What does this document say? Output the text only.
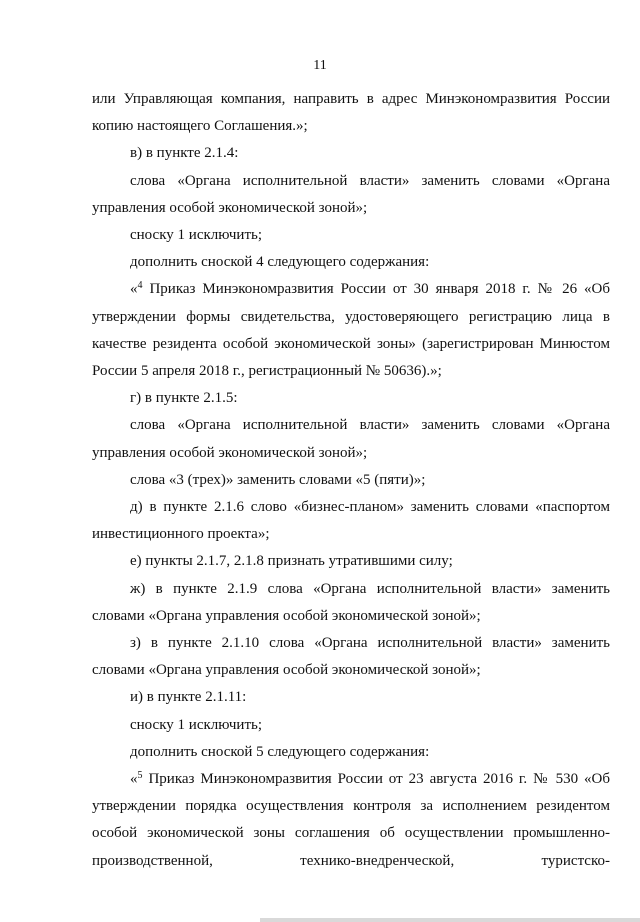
11

или Управляющая компания, направить в адрес Минэкономразвития России копию настоящего Соглашения.»;

в) в пункте 2.1.4:

слова «Органа исполнительной власти» заменить словами «Органа управления особой экономической зоной»;

сноску 1 исключить;

дополнить сноской 4 следующего содержания:

«$^4$ Приказ Минэкономразвития России от 30 января 2018 г. № 26 «Об утверждении формы свидетельства, удостоверяющего регистрацию лица в качестве резидента особой экономической зоны» (зарегистрирован Минюстом России 5 апреля 2018 г., регистрационный № 50636).»;

г) в пункте 2.1.5:

слова «Органа исполнительной власти» заменить словами «Органа управления особой экономической зоной»;

слова «3 (трех)» заменить словами «5 (пяти)»;

д) в пункте 2.1.6 слово «бизнес-планом» заменить словами «паспортом инвестиционного проекта»;

е) пункты 2.1.7, 2.1.8 признать утратившими силу;

ж) в пункте 2.1.9 слова «Органа исполнительной власти» заменить словами «Органа управления особой экономической зоной»;

з) в пункте 2.1.10 слова «Органа исполнительной власти» заменить словами «Органа управления особой экономической зоной»;

и) в пункте 2.1.11:

сноску 1 исключить;

дополнить сноской 5 следующего содержания:

«$^5$ Приказ Минэкономразвития России от 23 августа 2016 г. № 530 «Об утверждении порядка осуществления контроля за исполнением резидентом особой экономической зоны соглашения об осуществлении промышленно-производственной, технико-внедренческой, туристско-
